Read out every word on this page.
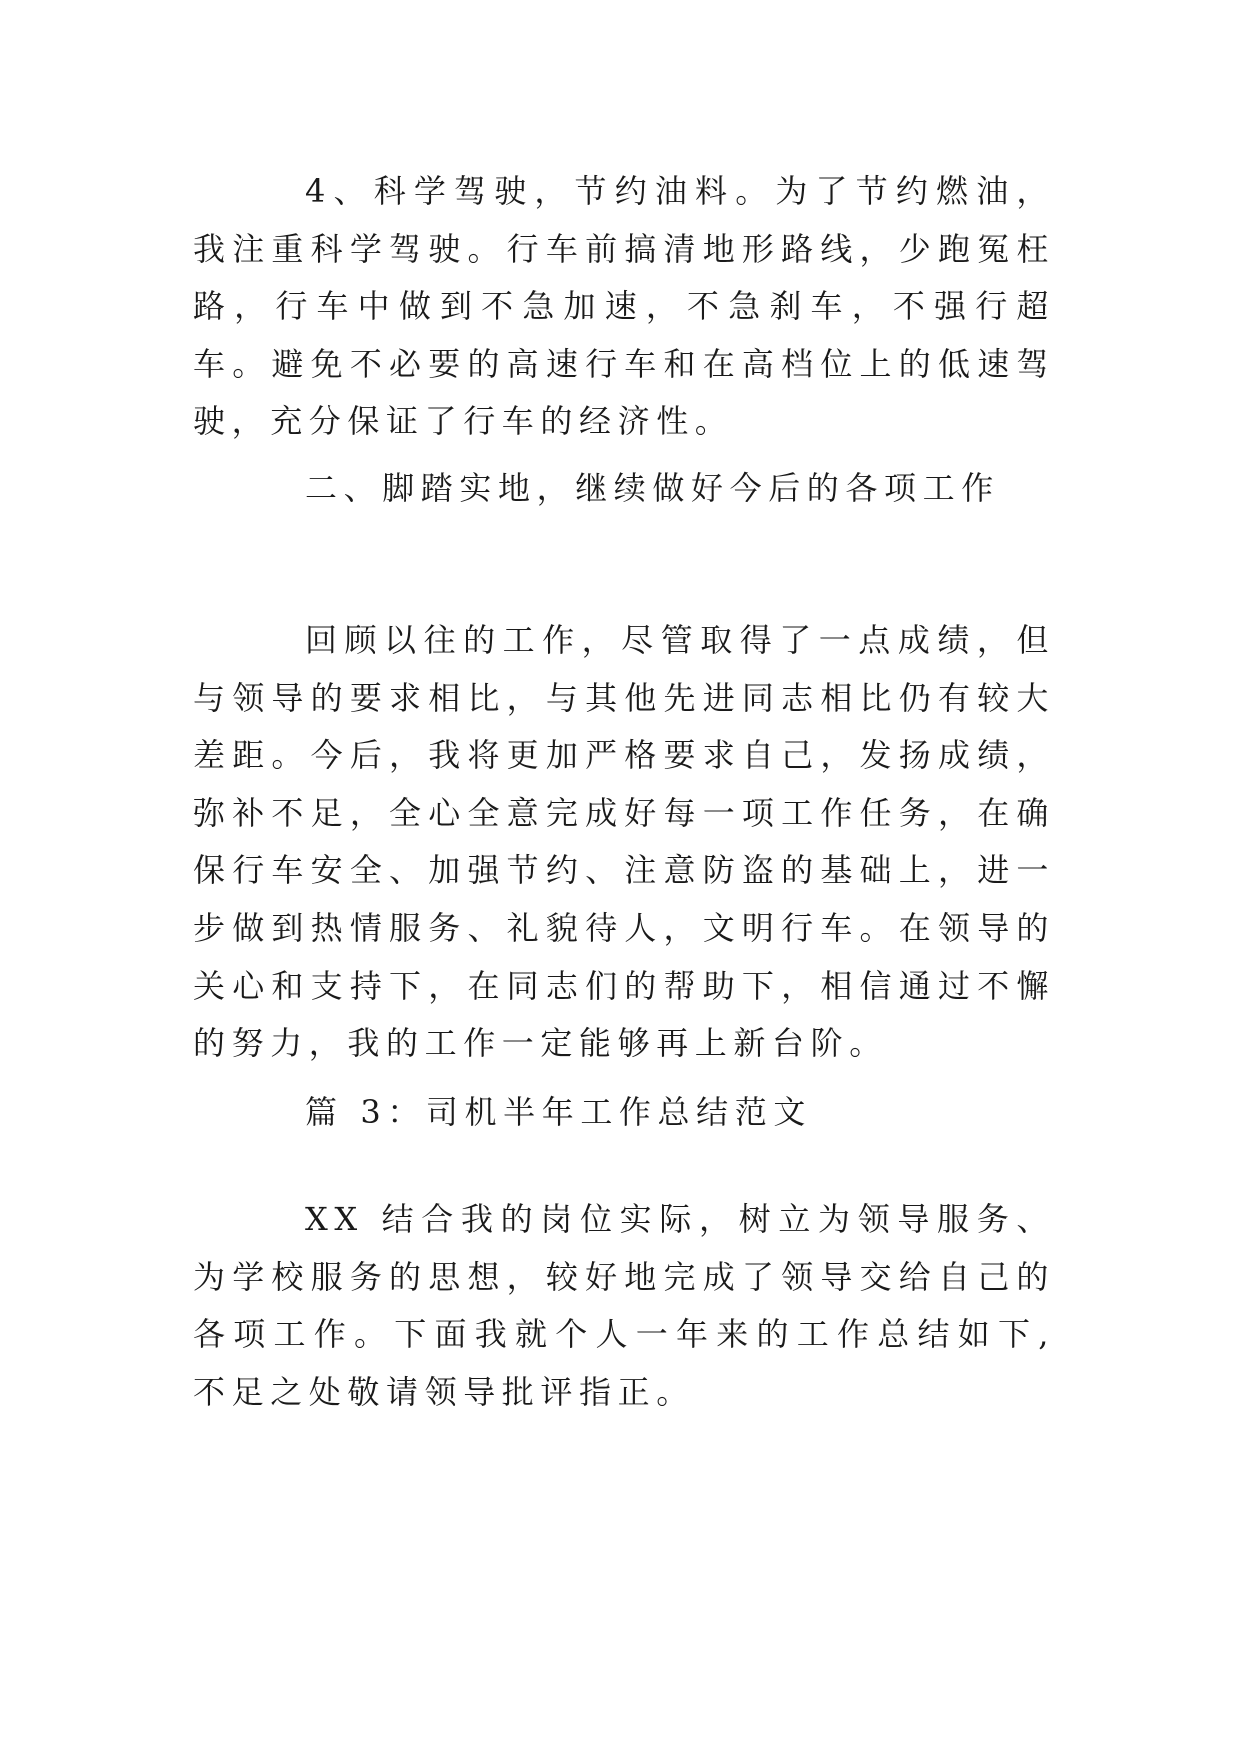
4、科学驾驶，节约油料。为了节约燃油，我注重科学驾驶。行车前搞清地形路线，少跑冤枉路，行车中做到不急加速，不急刹车，不强行超车。避免不必要的高速行车和在高档位上的低速驾驶，充分保证了行车的经济性。

二、脚踏实地，继续做好今后的各项工作

回顾以往的工作，尽管取得了一点成绩，但与领导的要求相比，与其他先进同志相比仍有较大差距。今后，我将更加严格要求自己，发扬成绩，弥补不足，全心全意完成好每一项工作任务，在确保行车安全、加强节约、注意防盗的基础上，进一步做到热情服务、礼貌待人，文明行车。在领导的关心和支持下，在同志们的帮助下，相信通过不懈的努力，我的工作一定能够再上新台阶。

篇 3：司机半年工作总结范文

XX 结合我的岗位实际，树立为领导服务、为学校服务的思想，较好地完成了领导交给自己的各项工作。下面我就个人一年来的工作总结如下,不足之处敬请领导批评指正。
